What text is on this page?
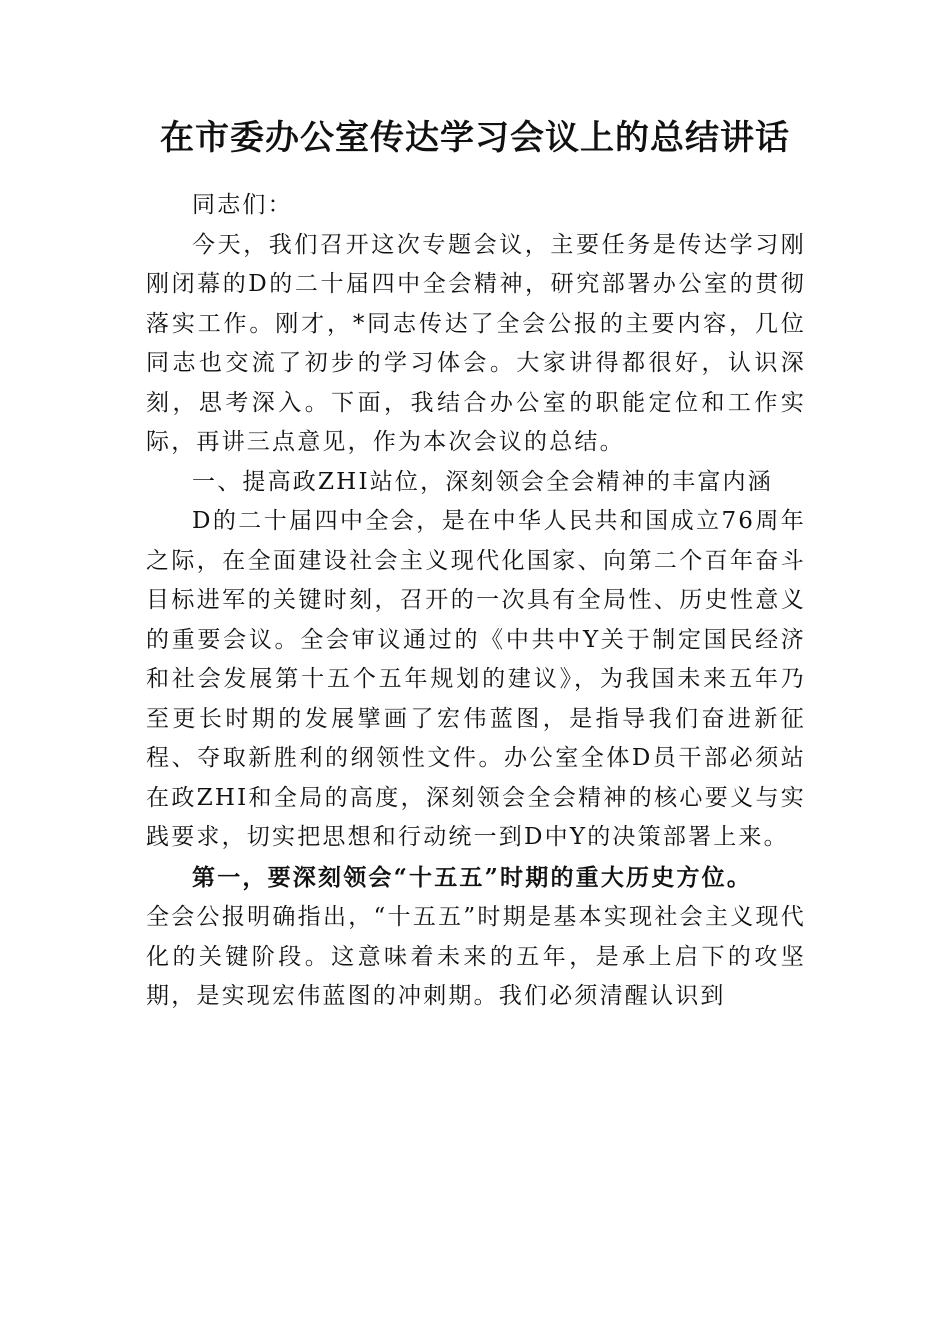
在市委办公室传达学习会议上的总结讲话

同志们：

今天，我们召开这次专题会议，主要任务是传达学习刚刚闭幕的D的二十届四中全会精神，研究部署办公室的贯彻落实工作。刚才，*同志传达了全会公报的主要内容，几位同志也交流了初步的学习体会。大家讲得都很好，认识深刻，思考深入。下面，我结合办公室的职能定位和工作实际，再讲三点意见，作为本次会议的总结。

一、提高政ZHI站位，深刻领会全会精神的丰富内涵

D的二十届四中全会，是在中华人民共和国成立76周年之际，在全面建设社会主义现代化国家、向第二个百年奋斗目标进军的关键时刻，召开的一次具有全局性、历史性意义的重要会议。全会审议通过的《中共中Y关于制定国民经济和社会发展第十五个五年规划的建议》，为我国未来五年乃至更长时期的发展擘画了宏伟蓝图，是指导我们奋进新征程、夺取新胜利的纲领性文件。办公室全体D员干部必须站在政ZHI和全局的高度，深刻领会全会精神的核心要义与实践要求，切实把思想和行动统一到D中Y的决策部署上来。

第一，要深刻领会“十五五”时期的重大历史方位。

全会公报明确指出，“十五五”时期是基本实现社会主义现代化的关键阶段。这意味着未来的五年，是承上启下的攻坚期，是实现宏伟蓝图的冲刺期。我们必须清醒认识到
